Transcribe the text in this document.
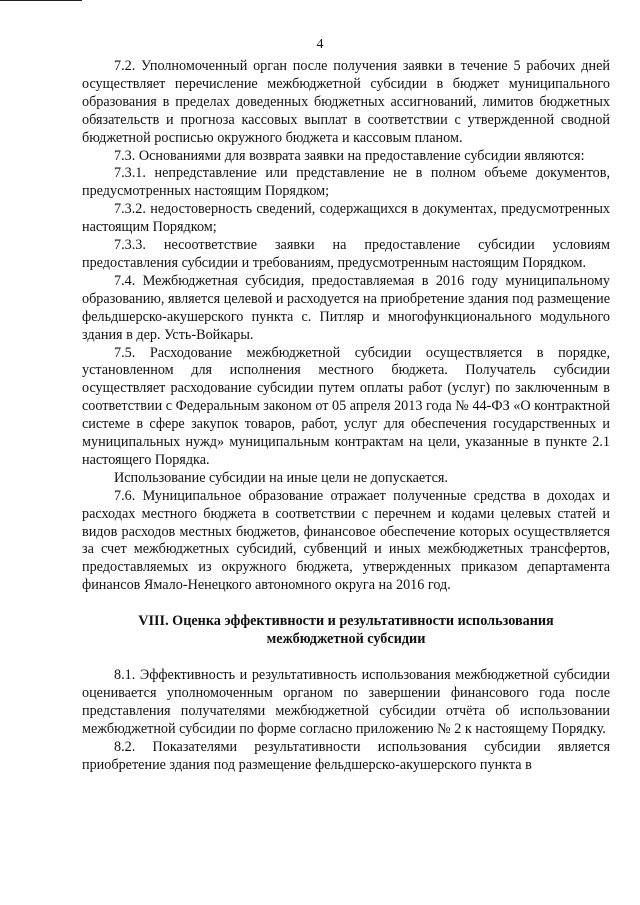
4

7.2. Уполномоченный орган после получения заявки в течение 5 рабочих дней осуществляет перечисление межбюджетной субсидии в бюджет муниципального образования в пределах доведенных бюджетных ассигнований, лимитов бюджетных обязательств и прогноза кассовых выплат в соответствии с утвержденной сводной бюджетной росписью окружного бюджета и кассовым планом.

7.3. Основаниями для возврата заявки на предоставление субсидии являются:

7.3.1. непредставление или представление не в полном объеме документов, предусмотренных настоящим Порядком;

7.3.2. недостоверность сведений, содержащихся в документах, предусмотренных настоящим Порядком;

7.3.3. несоответствие заявки на предоставление субсидии условиям предоставления субсидии и требованиям, предусмотренным настоящим Порядком.

7.4. Межбюджетная субсидия, предоставляемая в 2016 году муниципальному образованию, является целевой и расходуется на приобретение здания под размещение фельдшерско-акушерского пункта с. Питляр и многофункционального модульного здания в дер. Усть-Войкары.

7.5. Расходование межбюджетной субсидии осуществляется в порядке, установленном для исполнения местного бюджета. Получатель субсидии осуществляет расходование субсидии путем оплаты работ (услуг) по заключенным в соответствии с Федеральным законом от 05 апреля 2013 года № 44-ФЗ «О контрактной системе в сфере закупок товаров, работ, услуг для обеспечения государственных и муниципальных нужд» муниципальным контрактам на цели, указанные в пункте 2.1 настоящего Порядка.

Использование субсидии на иные цели не допускается.

7.6. Муниципальное образование отражает полученные средства в доходах и расходах местного бюджета в соответствии с перечнем и кодами целевых статей и видов расходов местных бюджетов, финансовое обеспечение которых осуществляется за счет межбюджетных субсидий, субвенций и иных межбюджетных трансфертов, предоставляемых из окружного бюджета, утвержденных приказом департамента финансов Ямало-Ненецкого автономного округа на 2016 год.

VIII. Оценка эффективности и результативности использования
межбюджетной субсидии

8.1. Эффективность и результативность использования межбюджетной субсидии оценивается уполномоченным органом по завершении финансового года после представления получателями межбюджетной субсидии отчёта об использовании межбюджетной субсидии по форме согласно приложению № 2 к настоящему Порядку.

8.2. Показателями результативности использования субсидии является приобретение здания под размещение фельдшерско-акушерского пункта в
